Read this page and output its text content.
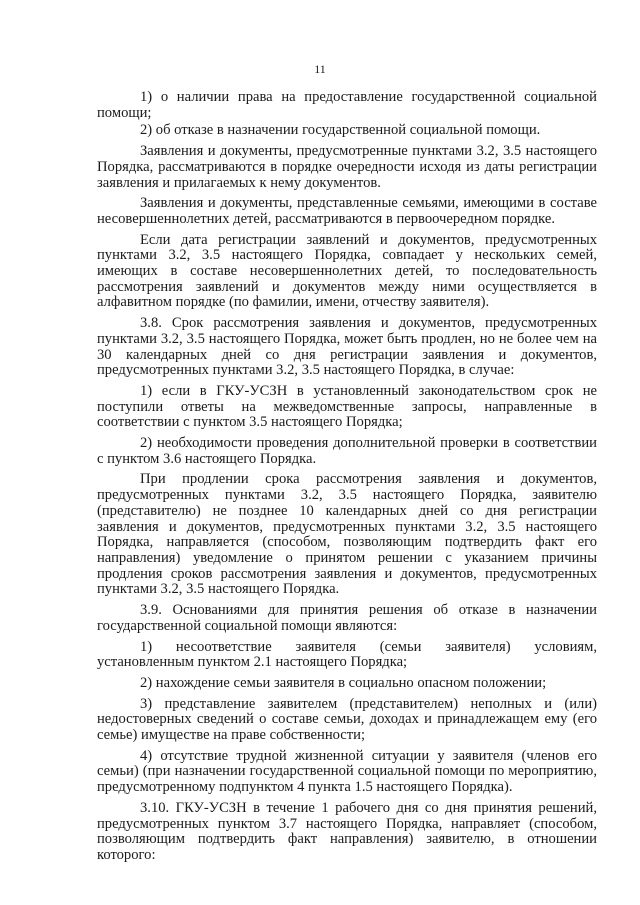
11

1) о наличии права на предоставление государственной социальной помощи;

2) об отказе в назначении государственной социальной помощи.

Заявления и документы, предусмотренные пунктами 3.2, 3.5 настоящего Порядка, рассматриваются в порядке очередности исходя из даты регистрации заявления и прилагаемых к нему документов.

Заявления и документы, представленные семьями, имеющими в составе несовершеннолетних детей, рассматриваются в первоочередном порядке.

Если дата регистрации заявлений и документов, предусмотренных пунктами 3.2, 3.5 настоящего Порядка, совпадает у нескольких семей, имеющих в составе несовершеннолетних детей, то последовательность рассмотрения заявлений и документов между ними осуществляется в алфавитном порядке (по фамилии, имени, отчеству заявителя).

3.8. Срок рассмотрения заявления и документов, предусмотренных пунктами 3.2, 3.5 настоящего Порядка, может быть продлен, но не более чем на 30 календарных дней со дня регистрации заявления и документов, предусмотренных пунктами 3.2, 3.5 настоящего Порядка, в случае:

1) если в ГКУ-УСЗН в установленный законодательством срок не поступили ответы на межведомственные запросы, направленные в соответствии с пунктом 3.5 настоящего Порядка;

2) необходимости проведения дополнительной проверки в соответствии с пунктом 3.6 настоящего Порядка.

При продлении срока рассмотрения заявления и документов, предусмотренных пунктами 3.2, 3.5 настоящего Порядка, заявителю (представителю) не позднее 10 календарных дней со дня регистрации заявления и документов, предусмотренных пунктами 3.2, 3.5 настоящего Порядка, направляется (способом, позволяющим подтвердить факт его направления) уведомление о принятом решении с указанием причины продления сроков рассмотрения заявления и документов, предусмотренных пунктами 3.2, 3.5 настоящего Порядка.

3.9. Основаниями для принятия решения об отказе в назначении государственной социальной помощи являются:

1) несоответствие заявителя (семьи заявителя) условиям, установленным пунктом 2.1 настоящего Порядка;

2) нахождение семьи заявителя в социально опасном положении;

3) представление заявителем (представителем) неполных и (или) недостоверных сведений о составе семьи, доходах и принадлежащем ему (его семье) имуществе на праве собственности;

4) отсутствие трудной жизненной ситуации у заявителя (членов его семьи) (при назначении государственной социальной помощи по мероприятию, предусмотренному подпунктом 4 пункта 1.5 настоящего Порядка).

3.10. ГКУ-УСЗН в течение 1 рабочего дня со дня принятия решений, предусмотренных пунктом 3.7 настоящего Порядка, направляет (способом, позволяющим подтвердить факт направления) заявителю, в отношении которого:
